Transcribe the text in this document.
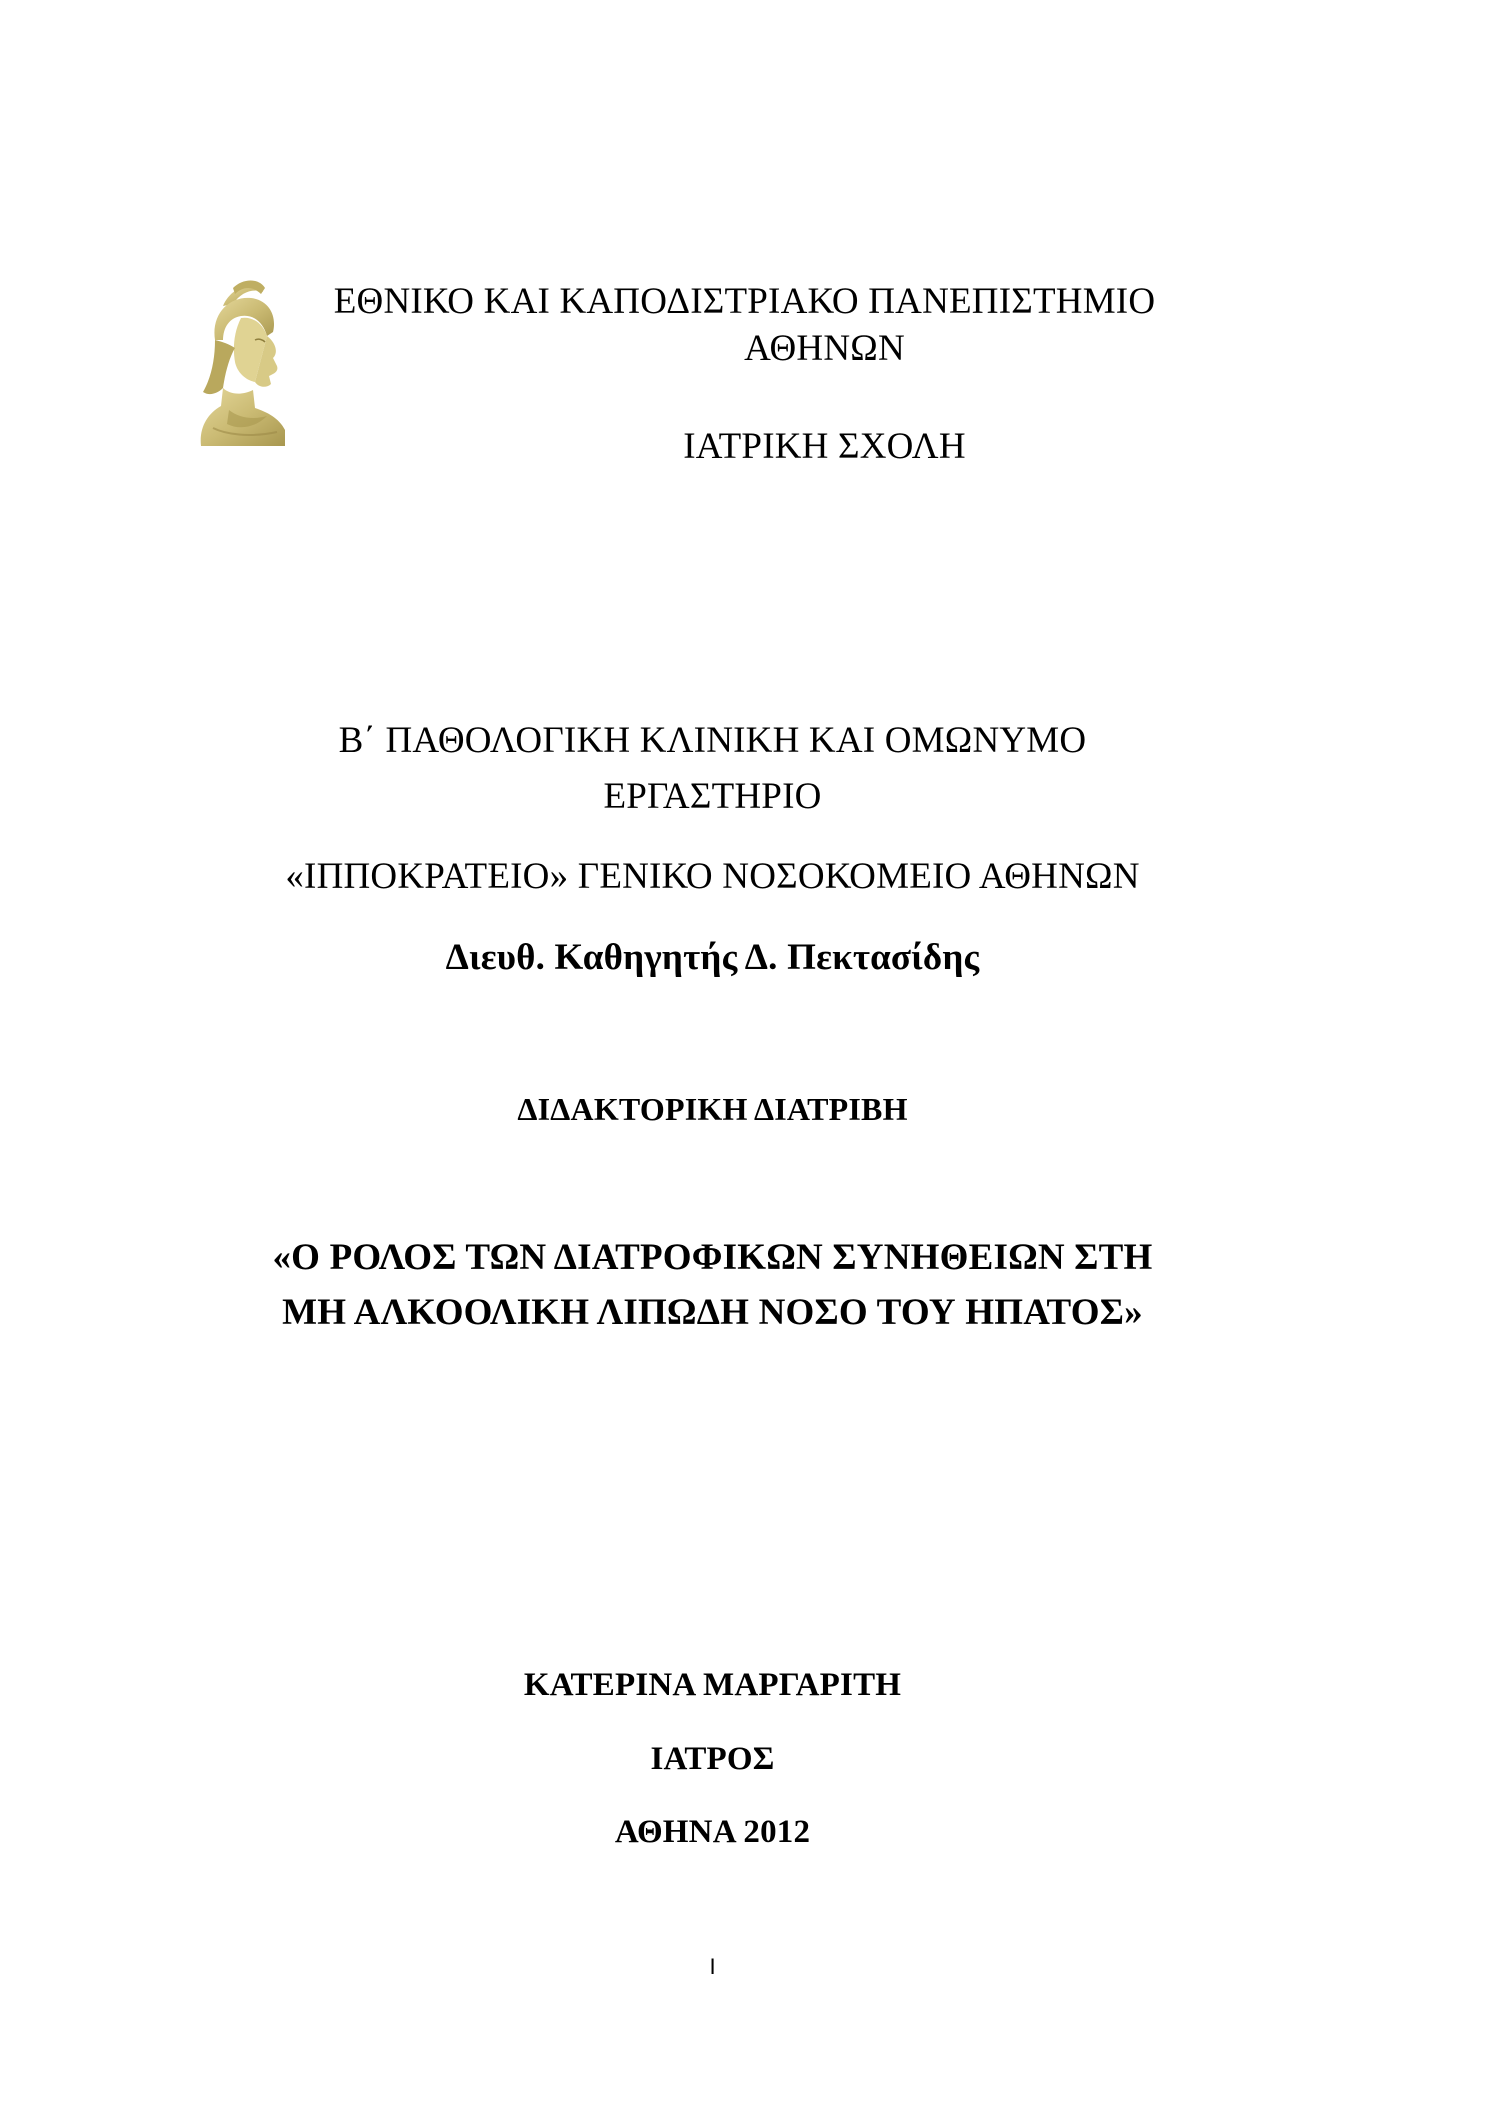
ΕΘΝΙΚΟ ΚΑΙ ΚΑΠΟΔΙΣΤΡΙΑΚΟ ΠΑΝΕΠΙΣΤΗΜΙΟ
ΑΘΗΝΩΝ
ΙΑΤΡΙΚΗ ΣΧΟΛΗ
Β΄ ΠΑΘΟΛΟΓΙΚΗ ΚΛΙΝΙΚΗ ΚΑΙ ΟΜΩΝΥΜΟ
ΕΡΓΑΣΤΗΡΙΟ
«ΙΠΠΟΚΡΑΤΕΙΟ» ΓΕΝΙΚΟ ΝΟΣΟΚΟΜΕΙΟ ΑΘΗΝΩΝ
Διευθ. Καθηγητής Δ. Πεκτασίδης
ΔΙΔΑΚΤΟΡΙΚΗ ΔΙΑΤΡΙΒΗ
«Ο ΡΟΛΟΣ ΤΩΝ ΔΙΑΤΡΟΦΙΚΩΝ ΣΥΝΗΘΕΙΩΝ ΣΤΗ
ΜΗ ΑΛΚΟΟΛΙΚΗ ΛΙΠΩΔΗ ΝΟΣΟ ΤΟΥ ΗΠΑΤΟΣ»
ΚΑΤΕΡΙΝΑ ΜΑΡΓΑΡΙΤΗ
ΙΑΤΡΟΣ
ΑΘΗΝΑ 2012
I
